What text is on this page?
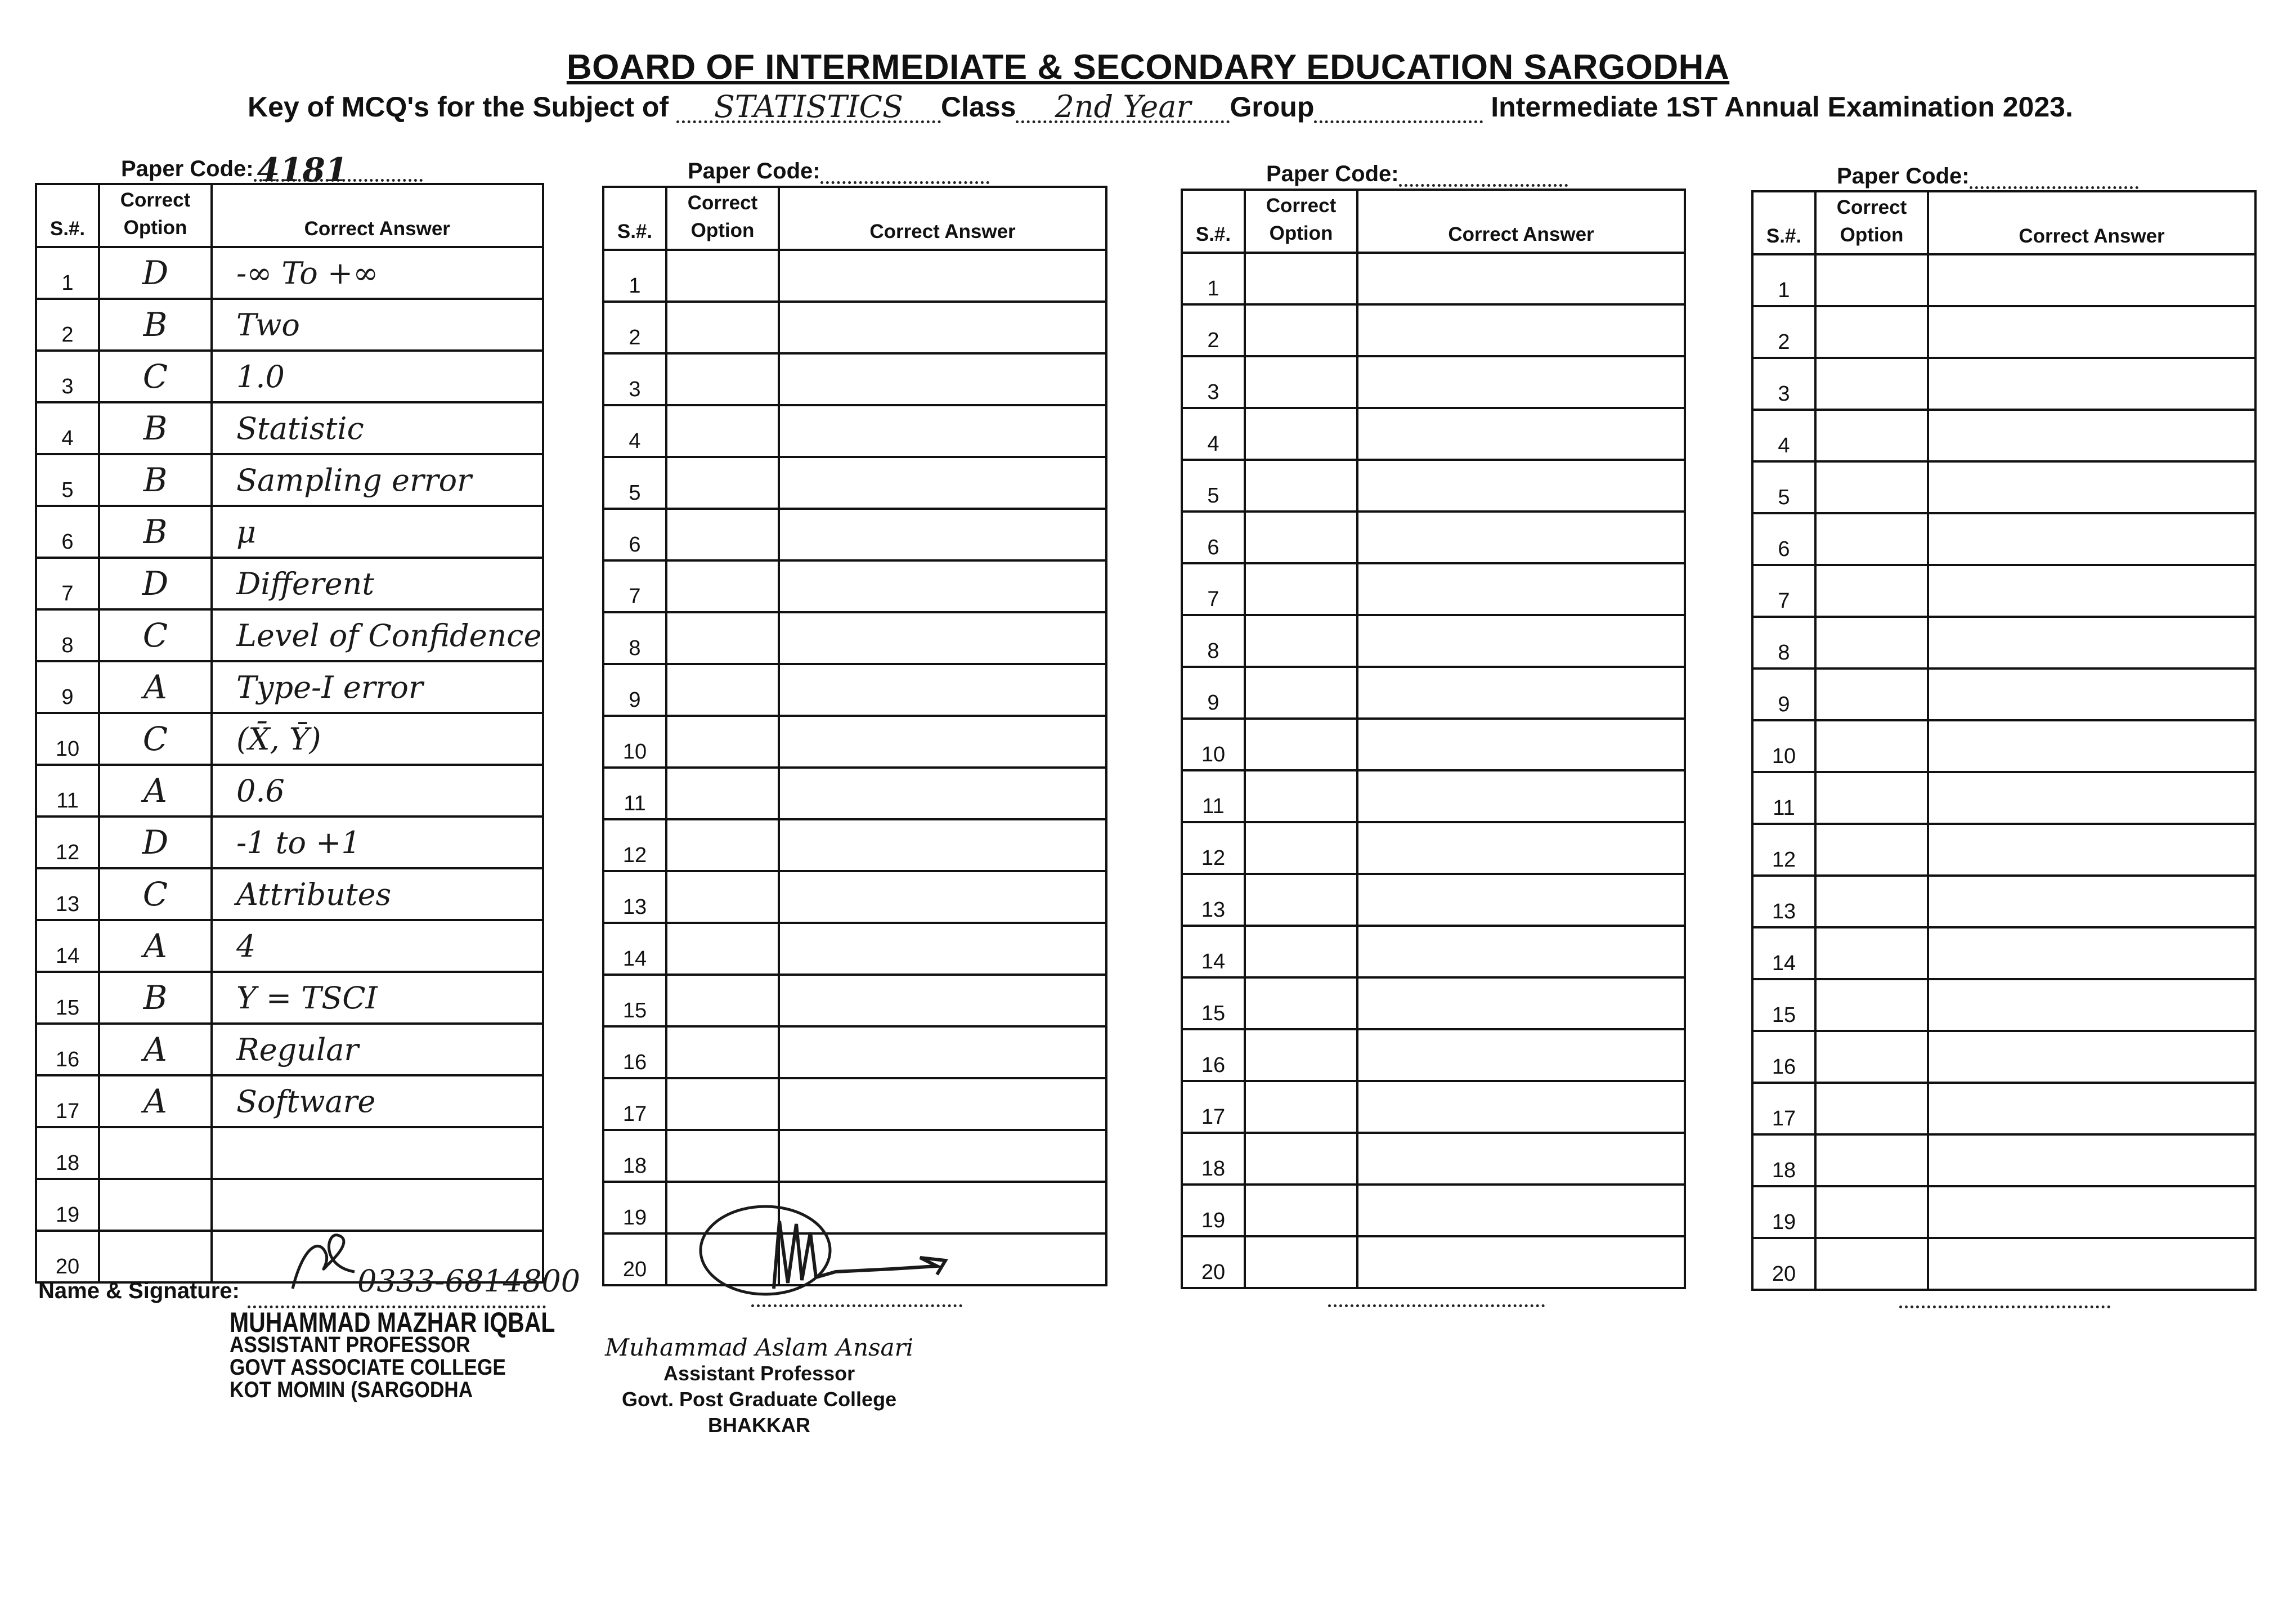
BOARD OF INTERMEDIATE & SECONDARY EDUCATION SARGODHA
Key of MCQ's for the Subject of STATISTICS Class 2nd Year Group	Intermediate 1ST Annual Examination 2023.
Paper Code: 4181
S.#.	Correct Option	Correct Answer
1	D	-∞ To +∞
2	B	Two
3	C	1.0
4	B	Statistic
5	B	Sampling error
6	B	μ
7	D	Different
8	C	Level of Confidence
9	A	Type-I error
10	C	(X̄, Ȳ)
11	A	0.6
12	D	-1 to +1
13	C	Attributes
14	A	4
15	B	Y = TSCI
16	A	Regular
17	A	Software
18		
19		
20		
Paper Code:
S.#.	Correct Option	Correct Answer
1		
2		
3		
4		
5		
6		
7		
8		
9		
10		
11		
12		
13		
14		
15		
16		
17		
18		
19		
20		
Paper Code:
S.#.	Correct Option	Correct Answer
1		
2		
3		
4		
5		
6		
7		
8		
9		
10		
11		
12		
13		
14		
15		
16		
17		
18		
19		
20		
Paper Code:
S.#.	Correct Option	Correct Answer
1		
2		
3		
4		
5		
6		
7		
8		
9		
10		
11		
12		
13		
14		
15		
16		
17		
18		
19		
20		
Name & Signature:	0333-6814800
MUHAMMAD MAZHAR IQBAL
ASSISTANT PROFESSOR
GOVT ASSOCIATE COLLEGE
KOT MOMIN (SARGODHA
Muhammad Aslam Ansari
Assistant Professor
Govt. Post Graduate College
BHAKKAR
